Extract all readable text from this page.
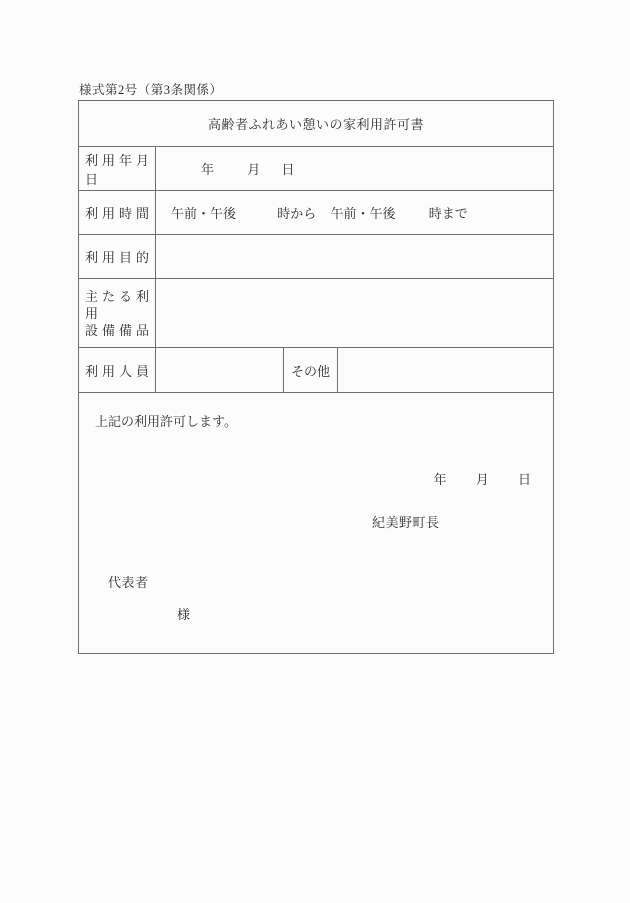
様式第2号（第3条関係）
高齢者ふれあい憩いの家利用許可書			
利用年月日	年 月 日		
利用時間	午前・午後 時から 午前・午後 時まで		
利用目的			

主たる利用
設備備品			

利用人員		その他	

上記の利用許可します。
年 月 日
紀美野町長
代表者
様			
